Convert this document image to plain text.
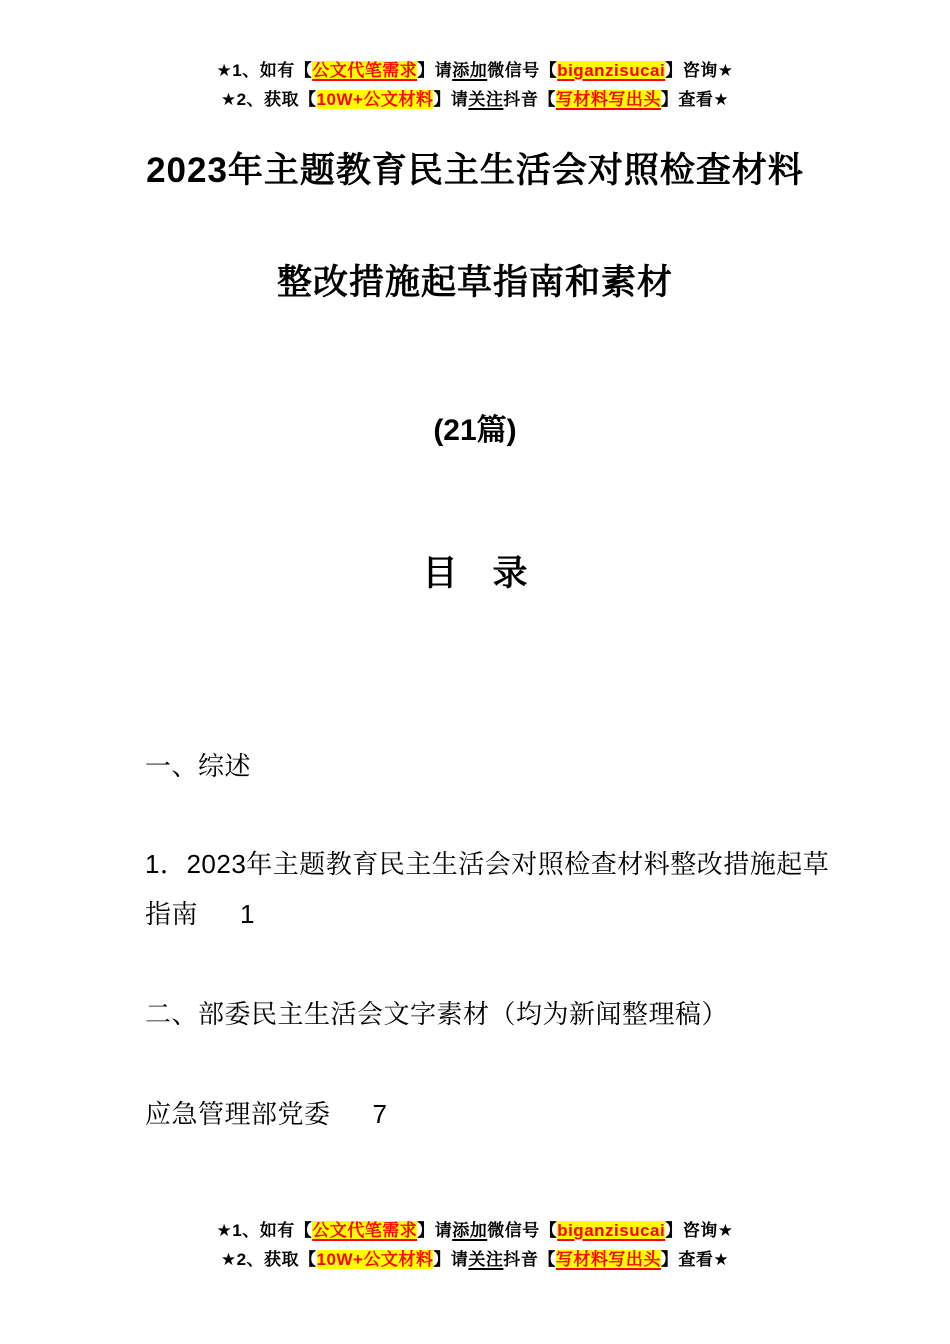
★1、如有【公文代笔需求】请添加微信号【biganzisucai】咨询★
★2、获取【10W+公文材料】请关注抖音【写材料写出头】查看★
2023年主题教育民主生活会对照检查材料
整改措施起草指南和素材
(21篇)
目　录
一、综述
1．2023年主题教育民主生活会对照检查材料整改措施起草
指南 1
二、部委民主生活会文字素材（均为新闻整理稿）
应急管理部党委 7
★1、如有【公文代笔需求】请添加微信号【biganzisucai】咨询★
★2、获取【10W+公文材料】请关注抖音【写材料写出头】查看★
